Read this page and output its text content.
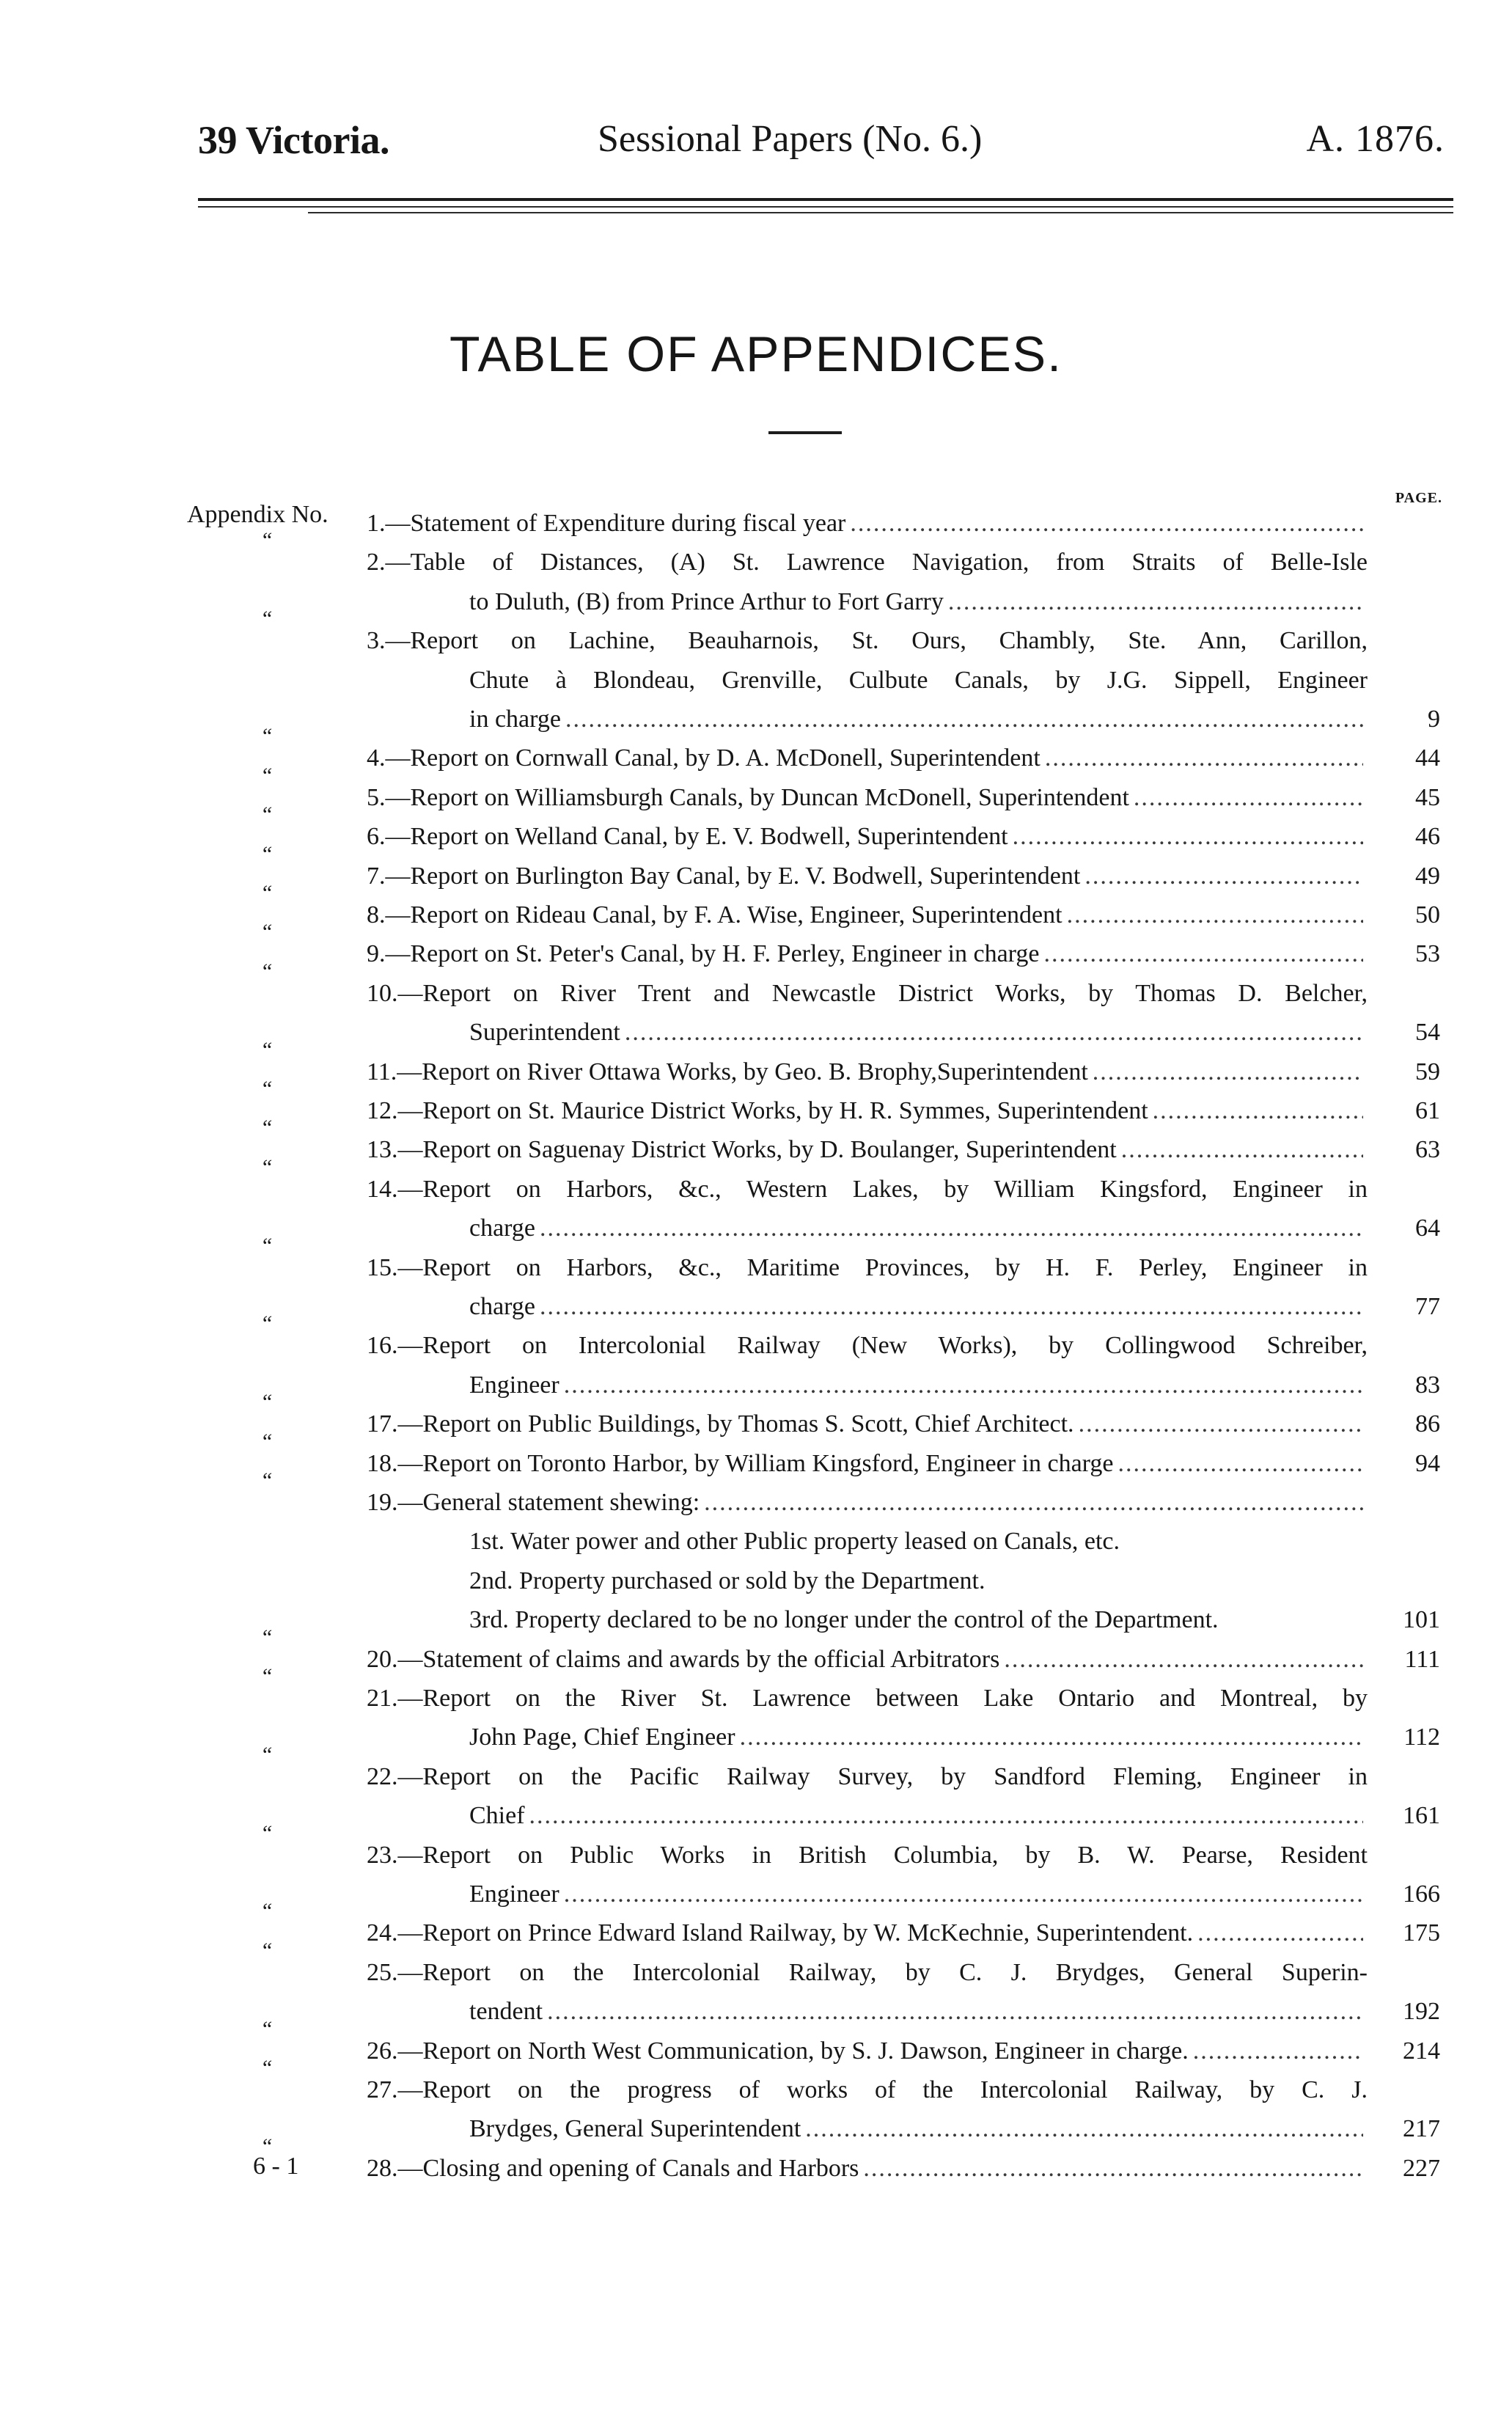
39 Victoria.	Sessional Papers (No. 6.)	A. 1876.
TABLE OF APPENDICES.
Appendix No.
PAGE.
1.—Statement of Expenditure during fiscal year
.....
“
2.—Table of Distances, (A) St. Lawrence Navigation, from Straits of Belle-Isle
to Duluth, (B) from Prince Arthur to Fort Garry
.....
“
3.—Report on Lachine, Beauharnois, St. Ours, Chambly, Ste. Ann, Carillon,
Chute à Blondeau, Grenville, Culbute Canals, by J.G. Sippell, Engineer
in charge .....	9
“
4.—Report on Cornwall Canal, by D. A. McDonell, Superintendent .....	44
“
5.—Report on Williamsburgh Canals, by Duncan McDonell, Superintendent .....	45
“
6.—Report on Welland Canal, by E. V. Bodwell, Superintendent .....	46
“
7.—Report on Burlington Bay Canal, by E. V. Bodwell, Superintendent .....	49
“
8.—Report on Rideau Canal, by F. A. Wise, Engineer, Superintendent .....	50
“
9.—Report on St. Peter's Canal, by H. F. Perley, Engineer in charge .....	53
“
10.—Report on River Trent and Newcastle District Works, by Thomas D. Belcher,
Superintendent .....	54
“
11.—Report on River Ottawa Works, by Geo. B. Brophy,Superintendent .....	59
“
12.—Report on St. Maurice District Works, by H. R. Symmes, Superintendent .....	61
“
13.—Report on Saguenay District Works, by D. Boulanger, Superintendent .....	63
“
14.—Report on Harbors, &c., Western Lakes, by William Kingsford, Engineer in
charge .....	64
“
15.—Report on Harbors, &c., Maritime Provinces, by H. F. Perley, Engineer in
charge .....	77
“
16.—Report on Intercolonial Railway (New Works), by Collingwood Schreiber,
Engineer .....	83
“
17.—Report on Public Buildings, by Thomas S. Scott, Chief Architect. .....	86
“
18.—Report on Toronto Harbor, by William Kingsford, Engineer in charge .....	94
“
19.—General statement shewing:
.....
1st. Water power and other Public property leased on Canals, etc.
2nd. Property purchased or sold by the Department.
3rd. Property declared to be no longer under the control of the Department.	101
“
20.—Statement of claims and awards by the official Arbitrators .....	111
“
21.—Report on the River St. Lawrence between Lake Ontario and Montreal, by
John Page, Chief Engineer .....	112
“
22.—Report on the Pacific Railway Survey, by Sandford Fleming, Engineer in
Chief .....	161
“
23.—Report on Public Works in British Columbia, by B. W. Pearse, Resident
Engineer .....	166
“
24.—Report on Prince Edward Island Railway, by W. McKechnie, Superintendent. .....	175
“
25.—Report on the Intercolonial Railway, by C. J. Brydges, General Superin-
tendent .....	192
“
26.—Report on North West Communication, by S. J. Dawson, Engineer in charge. .....	214
“
27.—Report on the progress of works of the Intercolonial Railway, by C. J.
Brydges, General Superintendent .....	217
“
28.—Closing and opening of Canals and Harbors .....	227
6 - 1
